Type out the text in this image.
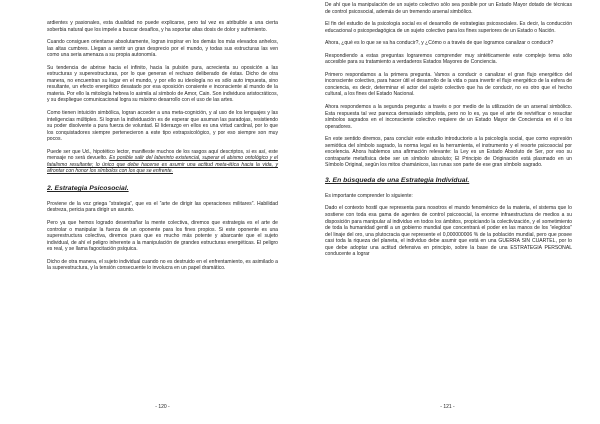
ardientes y pasionales, esta dualidad no puede explicarse, pero tal vez es atribuible a una cierta soberbia natural que los impele a buscar desafíos, y ha soportar altas dosis de dolor y sufrimiento.

Cuando consiguen orientarse absolutamente, logran inspirar en los demás los más elevados anhelos, las altas cumbres. Llegan a sentir un gran desprecio por el mundo, y todas sus estructuras las ven como una seria amenaza a su propia autonomía.

Su tendencia de abrirse hacia el infinito, hacia la pulsión pura, acrecienta su oposición a las estructuras y superestructuras, por lo que generan el rechazo deliberado de éstas. Dicho de otra manera, no encuentran su lugar en el mundo, y por ello su ideología no es sólo auto impuesta, sino resultante, un efecto energético desatado por esa oposición consiente e inconsciente al mundo de la materia. Por ello la mitología hebrea lo asimila al símbolo de Amor, Cain. Son individuos aristocráticos, y su despliegue comunicacional logra su máximo desarrollo con el uso de las artes.

Como tienen intuición simbólica, logran acceder a una meta-cognición, y al uso de los lenguajes y las inteligencias múltiples. Si logran la individuación es de esperar que asuman las paradojas, resistiendo su poder disolvente a pura fuerza de voluntad. El liderazgo en ellos es una virtud cardinal, por lo que los conquistadores siempre pertenecieron a este tipo extrapsicológico, y por eso siempre son muy pocos.

Puede ser que Ud., hipotético lector, manifieste muchos de los rasgos aquí descriptos, si es así, este mensaje no será devuelto. Es posible salir del laberinto existencial, superar el abismo ontológico y el fatalismo resultante; lo único que debe hacerse es asumir una actitud meta-ética hacia la vida, y afrontar con honor los símbolos con los que se enfrente.

2. Estrategia Psicosocial.

Proviene de la voz griega “strategia”, que es el “arte de dirigir las operaciones militares”. Habilidad destreza, pericia para dirigir un asunto.

Pero ya que hemos logrado desentrañar la mente colectiva, diremos que estrategia es el arte de controlar o manipular la fuerza de un oponente para los fines propios. Si este oponente es una superestructura colectiva, diremos pues que es mucho más potente y abarcante que el sujeto individual, de ahí el peligro inherente a la manipulación de grandes estructuras energéticas. El peligro es real, y se llama fagocitación psíquica.

Dicho de otra manera, el sujeto individual cuando no es destruido en el enfrentamiento, es asimilado a la superestructura, y la tensión consecuente lo involucra en un papel dramático.

- 120 -

De ahí que la manipulación de un sujeto colectivo sólo sea posible por un Estado Mayor dotado de técnicas de control psicosocial, además de un tremendo arsenal simbólico.

El fin del estudio de la psicología social es el desarrollo de estrategias psicosociales. Es decir, la conducción educacional o psicopedagógica de un sujeto colectivo para los fines superiores de un Estado o Nación.

Ahora, ¿qué es lo que se va ha conducir?, y ¿Cómo o a través de que logramos canalizar o conducir?

Respondiendo a estas preguntas lograremos comprender muy sintéticamente este complejo tema sólo accesible para su tratamiento a verdaderos Estados Mayores de Conciencia.

Primero respondamos a la primera pregunta. Vamos a conducir o canalizar el gran flujo energético del inconsciente colectivo, para hacer útil el desarrollo de la vida o para invertir el flujo energético de la esfera de conciencia, es decir, determinar el actor del sujeto colectivo que ha de conducir, no es otro que el hecho cultural, a los fines del Estado Nacional.

Ahora respondemos a la segunda pregunta: a través o por medio de la utilización de un arsenal simbólico. Esta respuesta tal vez parezca demasiado simplista, pero no lo es, ya que el arte de revivificar o resucitar símbolos sagrados en el inconsciente colectivo requiere de un Estado Mayor de Conciencia en él o los operadores.

En este sentido diremos, para concluir este estudio introductorio a la psicología social, que como expresión semiótica del símbolo sagrado, la norma legal es la herramienta, el instrumento y el resorte psicosocial por excelencia. Ahora hablemos una afirmación relevante: la Ley es un Estado Absoluto de Ser, por eso su contraparte metafísica debe ser un símbolo absoluto; El Principio de Originación está plasmado en un Símbolo Original, según los mitos chamánicos, las runas son parte de ese gran símbolo sagrado.

3. En búsqueda de una Estrategia Individual.

Es importante comprender lo siguiente:

Dado el contexto hostil que representa para nosotros el mundo fenoménico de la materia, el sistema que lo sostiene con toda esa gama de agentes de control psicosocial, la enorme infraestructura de medios a su disposición para manipular al individuo en todos los ámbitos, propiciando la colectivización, y el sometimiento de toda la humanidad gentil a un gobierno mundial que concentrará el poder en las manos de los “elegidos” del linaje del oro, una plutocracia que represente el 0,000000006 % de la población mundial, pero que posee casi toda la riqueza del planeta, el individuo debe asumir que está en una GUERRA SIN CUARTEL, por lo que debe adoptar una actitud defensiva en principio, sobre la base de una ESTRATEGIA PERSONAL conducente a lograr

- 121 -
